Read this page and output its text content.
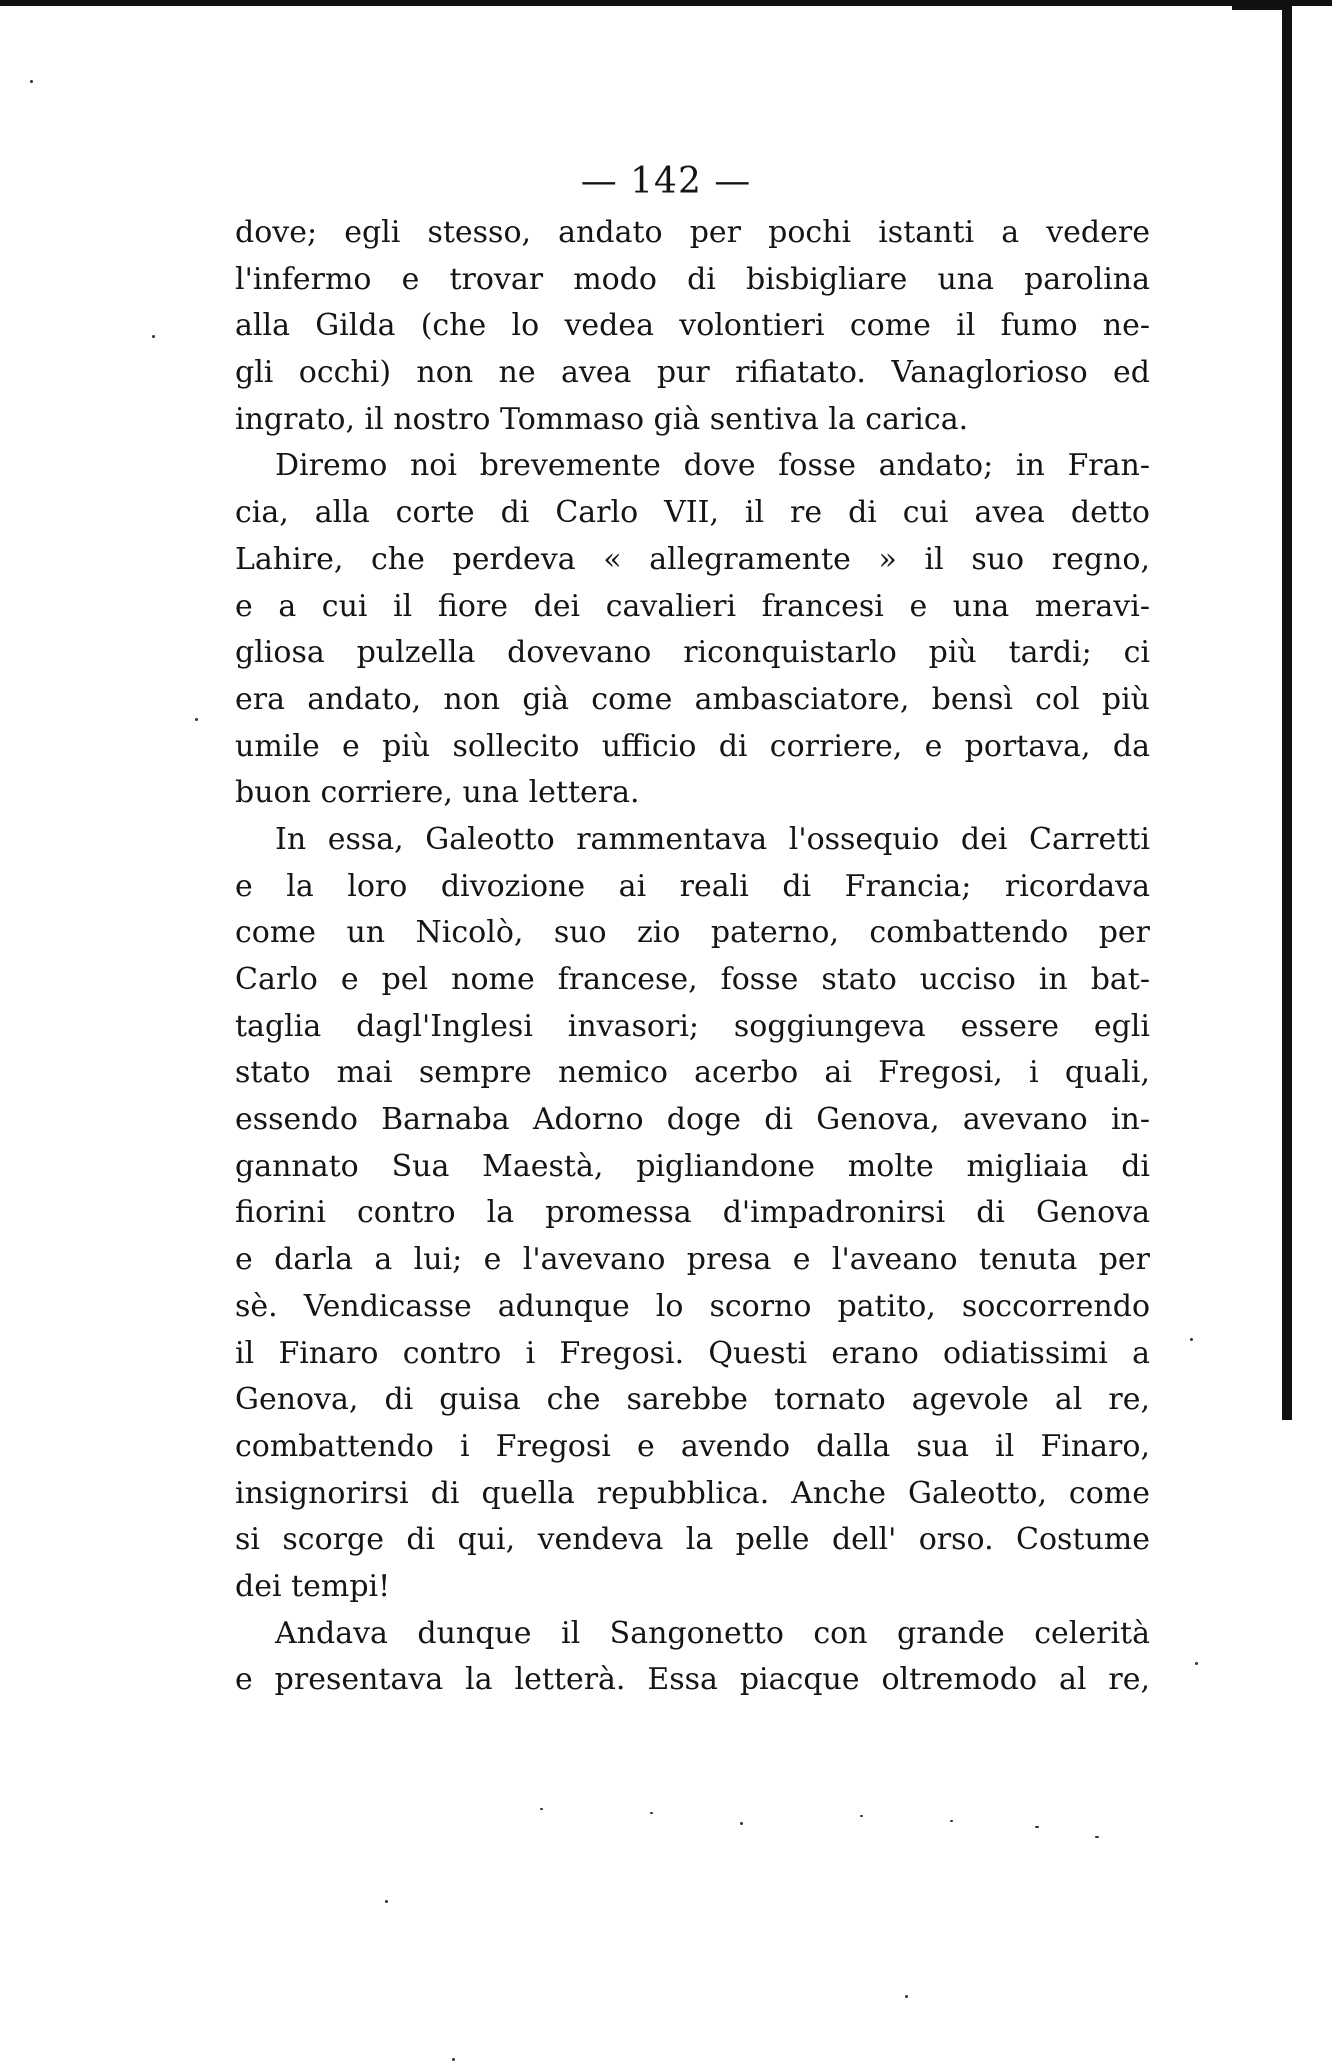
— 142 —
dove; egli stesso, andato per pochi istanti a vedere
l'infermo e trovar modo di bisbigliare una parolina
alla Gilda (che lo vedea volontieri come il fumo ne-
gli occhi) non ne avea pur rifiatato. Vanaglorioso ed
ingrato, il nostro Tommaso già sentiva la carica.
Diremo noi brevemente dove fosse andato; in Fran-
cia, alla corte di Carlo VII, il re di cui avea detto
Lahire, che perdeva « allegramente » il suo regno,
e a cui il fiore dei cavalieri francesi e una meravi-
gliosa pulzella dovevano riconquistarlo più tardi; ci
era andato, non già come ambasciatore, bensì col più
umile e più sollecito ufficio di corriere, e portava, da
buon corriere, una lettera.
In essa, Galeotto rammentava l'ossequio dei Carretti
e la loro divozione ai reali di Francia; ricordava
come un Nicolò, suo zio paterno, combattendo per
Carlo e pel nome francese, fosse stato ucciso in bat-
taglia dagl'Inglesi invasori; soggiungeva essere egli
stato mai sempre nemico acerbo ai Fregosi, i quali,
essendo Barnaba Adorno doge di Genova, avevano in-
gannato Sua Maestà, pigliandone molte migliaia di
fiorini contro la promessa d'impadronirsi di Genova
e darla a lui; e l'avevano presa e l'aveano tenuta per
sè. Vendicasse adunque lo scorno patito, soccorrendo
il Finaro contro i Fregosi. Questi erano odiatissimi a
Genova, di guisa che sarebbe tornato agevole al re,
combattendo i Fregosi e avendo dalla sua il Finaro,
insignorirsi di quella repubblica. Anche Galeotto, come
si scorge di qui, vendeva la pelle dell' orso. Costume
dei tempi!
Andava dunque il Sangonetto con grande celerità
e presentava la letterà. Essa piacque oltremodo al re,
